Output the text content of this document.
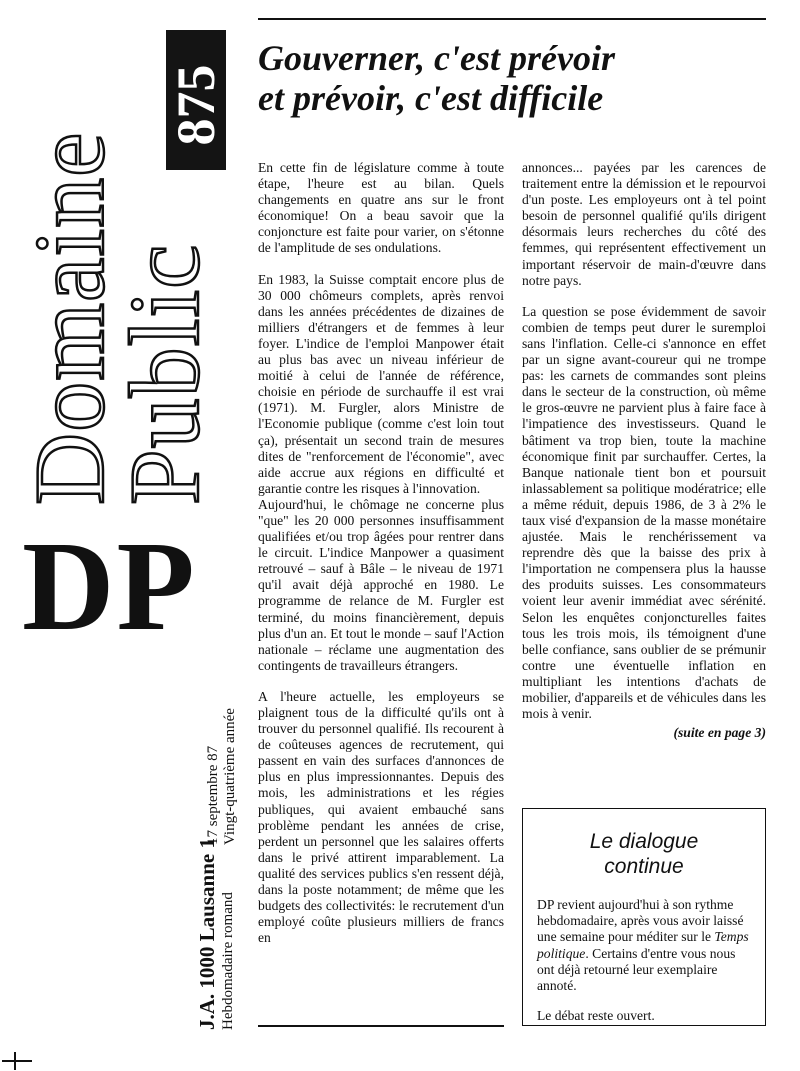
Domaine
Public
875
DP
J.A. 1000 Lausanne 1 Hebdomadaire romand
17 septembre 87 Vingt-quatrième année
Gouverner, c'est prévoir
et prévoir, c'est difficile

En cette fin de législature comme à toute étape, l'heure est au bilan. Quels changements en quatre ans sur le front économique! On a beau savoir que la conjoncture est faite pour varier, on s'étonne de l'amplitude de ses ondulations.

En 1983, la Suisse comptait encore plus de 30 000 chômeurs complets, après renvoi dans les années précédentes de dizaines de milliers d'étrangers et de femmes à leur foyer. L'indice de l'emploi Manpower était au plus bas avec un niveau inférieur de moitié à celui de l'année de référence, choisie en période de surchauffe il est vrai (1971). M. Furgler, alors Ministre de l'Economie publique (comme c'est loin tout ça), présentait un second train de mesures dites de "renforcement de l'économie", avec aide accrue aux régions en difficulté et garantie contre les risques à l'innovation.

Aujourd'hui, le chômage ne concerne plus "que" les 20 000 personnes insuffisamment qualifiées et/ou trop âgées pour rentrer dans le circuit. L'indice Manpower a quasiment retrouvé – sauf à Bâle – le niveau de 1971 qu'il avait déjà approché en 1980. Le programme de relance de M. Furgler est terminé, du moins financièrement, depuis plus d'un an. Et tout le monde – sauf l'Action nationale – réclame une augmentation des contingents de travailleurs étrangers.

A l'heure actuelle, les employeurs se plaignent tous de la difficulté qu'ils ont à trouver du personnel qualifié. Ils recourent à de coûteuses agences de recrutement, qui passent en vain des surfaces d'annonces de plus en plus impressionnantes. Depuis des mois, les administrations et les régies publiques, qui avaient embauché sans problème pendant les années de crise, perdent un personnel que les salaires offerts dans le privé attirent imparablement. La qualité des services publics s'en ressent déjà, dans la poste notamment; de même que les budgets des collectivités: le recrutement d'un employé coûte plusieurs milliers de francs en

annonces... payées par les carences de traitement entre la démission et le repourvoi d'un poste. Les employeurs ont à tel point besoin de personnel qualifié qu'ils dirigent désormais leurs recherches du côté des femmes, qui représentent effectivement un important réservoir de main-d'œuvre dans notre pays.

La question se pose évidemment de savoir combien de temps peut durer le suremploi sans l'inflation. Celle-ci s'annonce en effet par un signe avant-coureur qui ne trompe pas: les carnets de commandes sont pleins dans le secteur de la construction, où même le gros-œuvre ne parvient plus à faire face à l'impatience des investisseurs. Quand le bâtiment va trop bien, toute la machine économique finit par surchauffer. Certes, la Banque nationale tient bon et poursuit inlassablement sa politique modératrice; elle a même réduit, depuis 1986, de 3 à 2% le taux visé d'expansion de la masse monétaire ajustée. Mais le renchérissement va reprendre dès que la baisse des prix à l'importation ne compensera plus la hausse des produits suisses. Les consommateurs voient leur avenir immédiat avec sérénité. Selon les enquêtes conjoncturelles faites tous les trois mois, ils témoignent d'une belle confiance, sans oublier de se prémunir contre une éventuelle inflation en multipliant les intentions d'achats de mobilier, d'appareils et de véhicules dans les mois à venir.

(suite en page 3)
Le dialogue
continue

DP revient aujourd'hui à son rythme hebdomadaire, après vous avoir laissé une semaine pour méditer sur le Temps politique. Certains d'entre vous nous ont déjà retourné leur exemplaire annoté.

Le débat reste ouvert.
